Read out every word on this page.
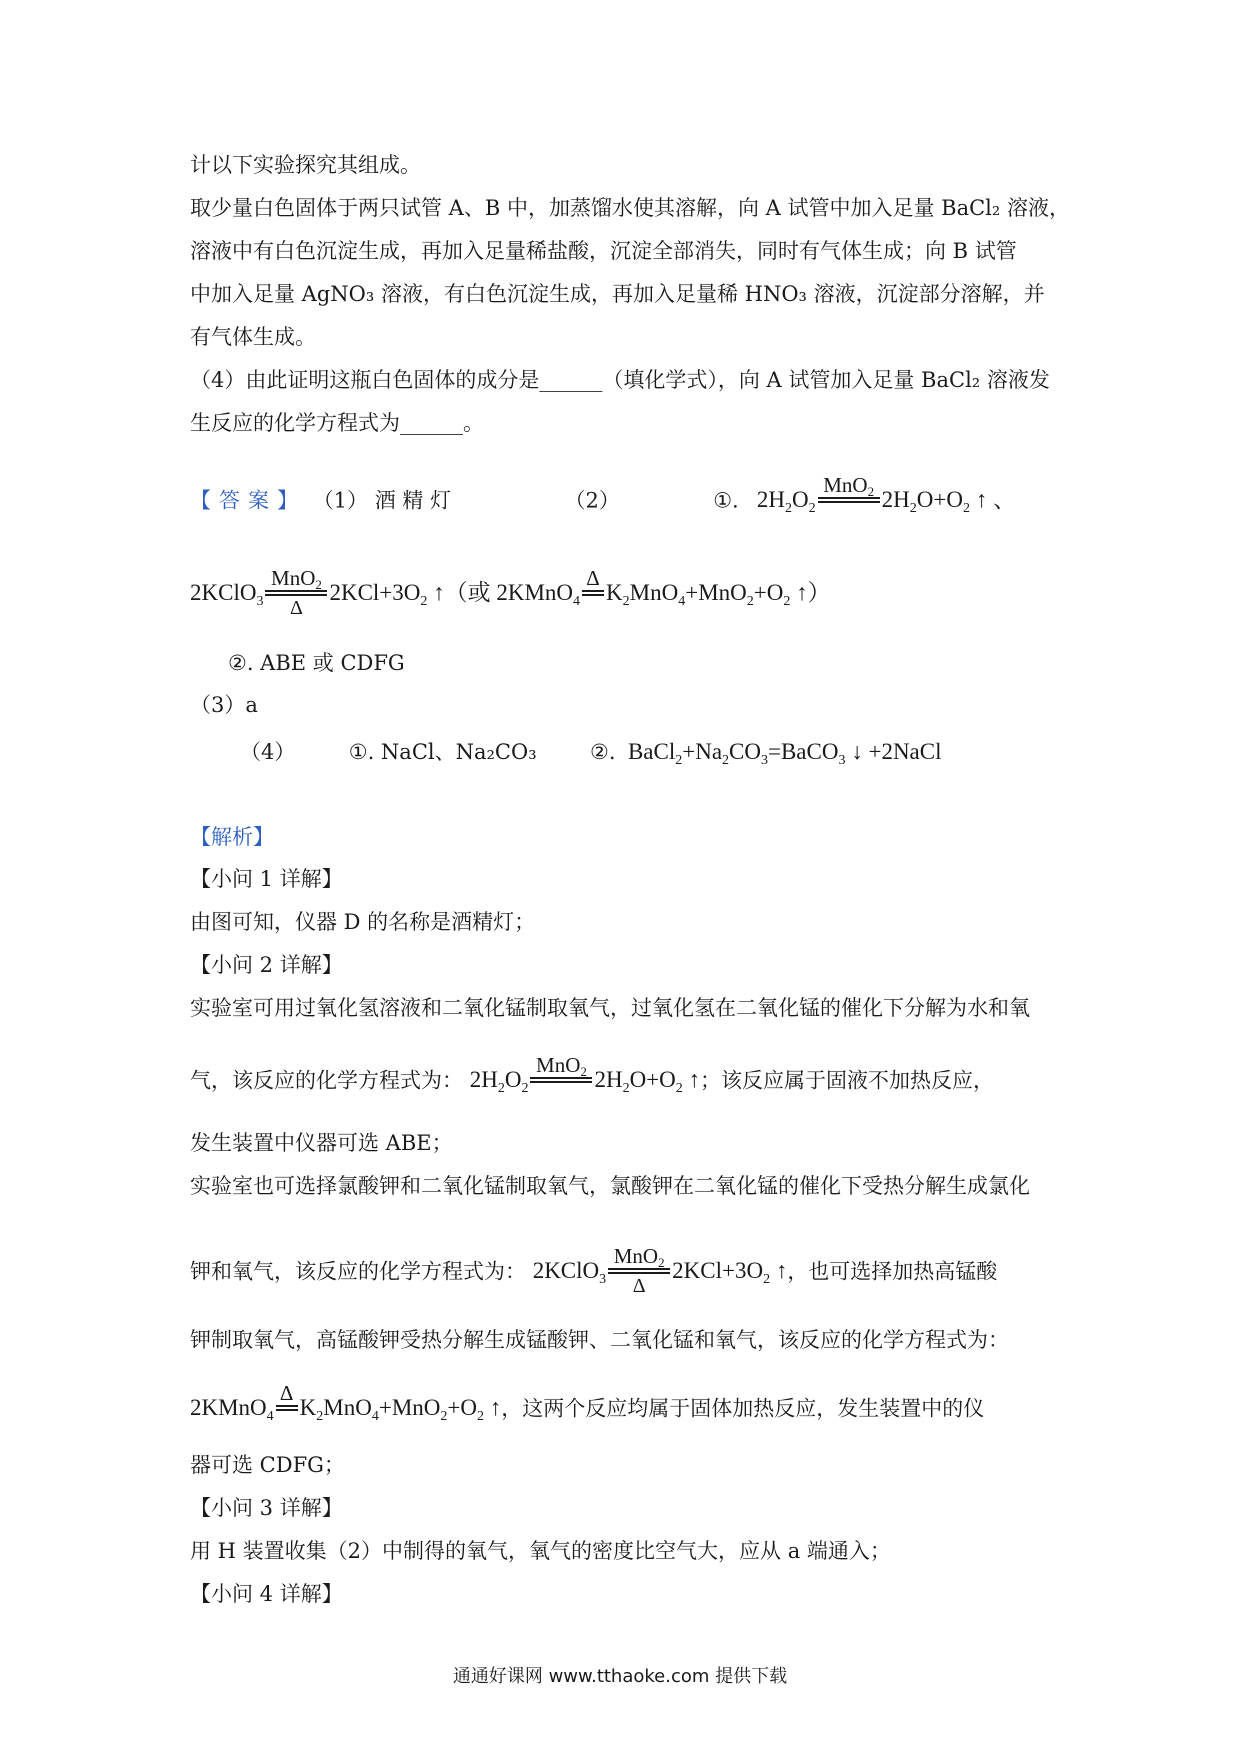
计以下实验探究其组成。
取少量白色固体于两只试管 A、B 中，加蒸馏水使其溶解，向 A 试管中加入足量 BaCl₂ 溶液，
溶液中有白色沉淀生成，再加入足量稀盐酸，沉淀全部消失，同时有气体生成；向 B 试管
中加入足量 AgNO₃ 溶液，有白色沉淀生成，再加入足量稀 HNO₃ 溶液，沉淀部分溶解，并
有气体生成。
（4）由此证明这瓶白色固体的成分是______（填化学式），向 A 试管加入足量 BaCl₂ 溶液发
生反应的化学方程式为______。
【答案】 （1） 酒 精 灯	（2）	①. $2H_2O_2$
MnO$_2$ $2H_2O+O_2$ ↑ 、
2KClO$_3$
MnO$_2$
Δ
$2KCl+3O_2$ ↑（或 2KMnO$_4$
Δ
$K_2MnO_4+MnO_2+O_2$ ↑）
②. ABE 或 CDFG
（3）a
（4）	①. NaCl、Na₂CO₃	②. $BaCl_2+Na_2CO_3=BaCO_3$ ↓ +2NaCl
【解析】
【小问 1 详解】
由图可知，仪器 D 的名称是酒精灯；
【小问 2 详解】
实验室可用过氧化氢溶液和二氧化锰制取氧气，过氧化氢在二氧化锰的催化下分解为水和氧
气，该反应的化学方程式为： $2H_2O_2$
MnO$_2$ $2H_2O+O_2$ ↑；该反应属于固液不加热反应，
发生装置中仪器可选 ABE；
实验室也可选择氯酸钾和二氧化锰制取氧气，氯酸钾在二氧化锰的催化下受热分解生成氯化
钾和氧气，该反应的化学方程式为： 2KClO$_3$
MnO$_2$
Δ
$2KCl+3O_2$ ↑，也可选择加热高锰酸
钾制取氧气，高锰酸钾受热分解生成锰酸钾、二氧化锰和氧气，该反应的化学方程式为：
2KMnO$_4$
Δ
$K_2MnO_4+MnO_2+O_2$ ↑，这两个反应均属于固体加热反应，发生装置中的仪
器可选 CDFG；
【小问 3 详解】
用 H 装置收集（2）中制得的氧气，氧气的密度比空气大，应从 a 端通入；
【小问 4 详解】
通通好课网 www.tthaoke.com 提供下载
